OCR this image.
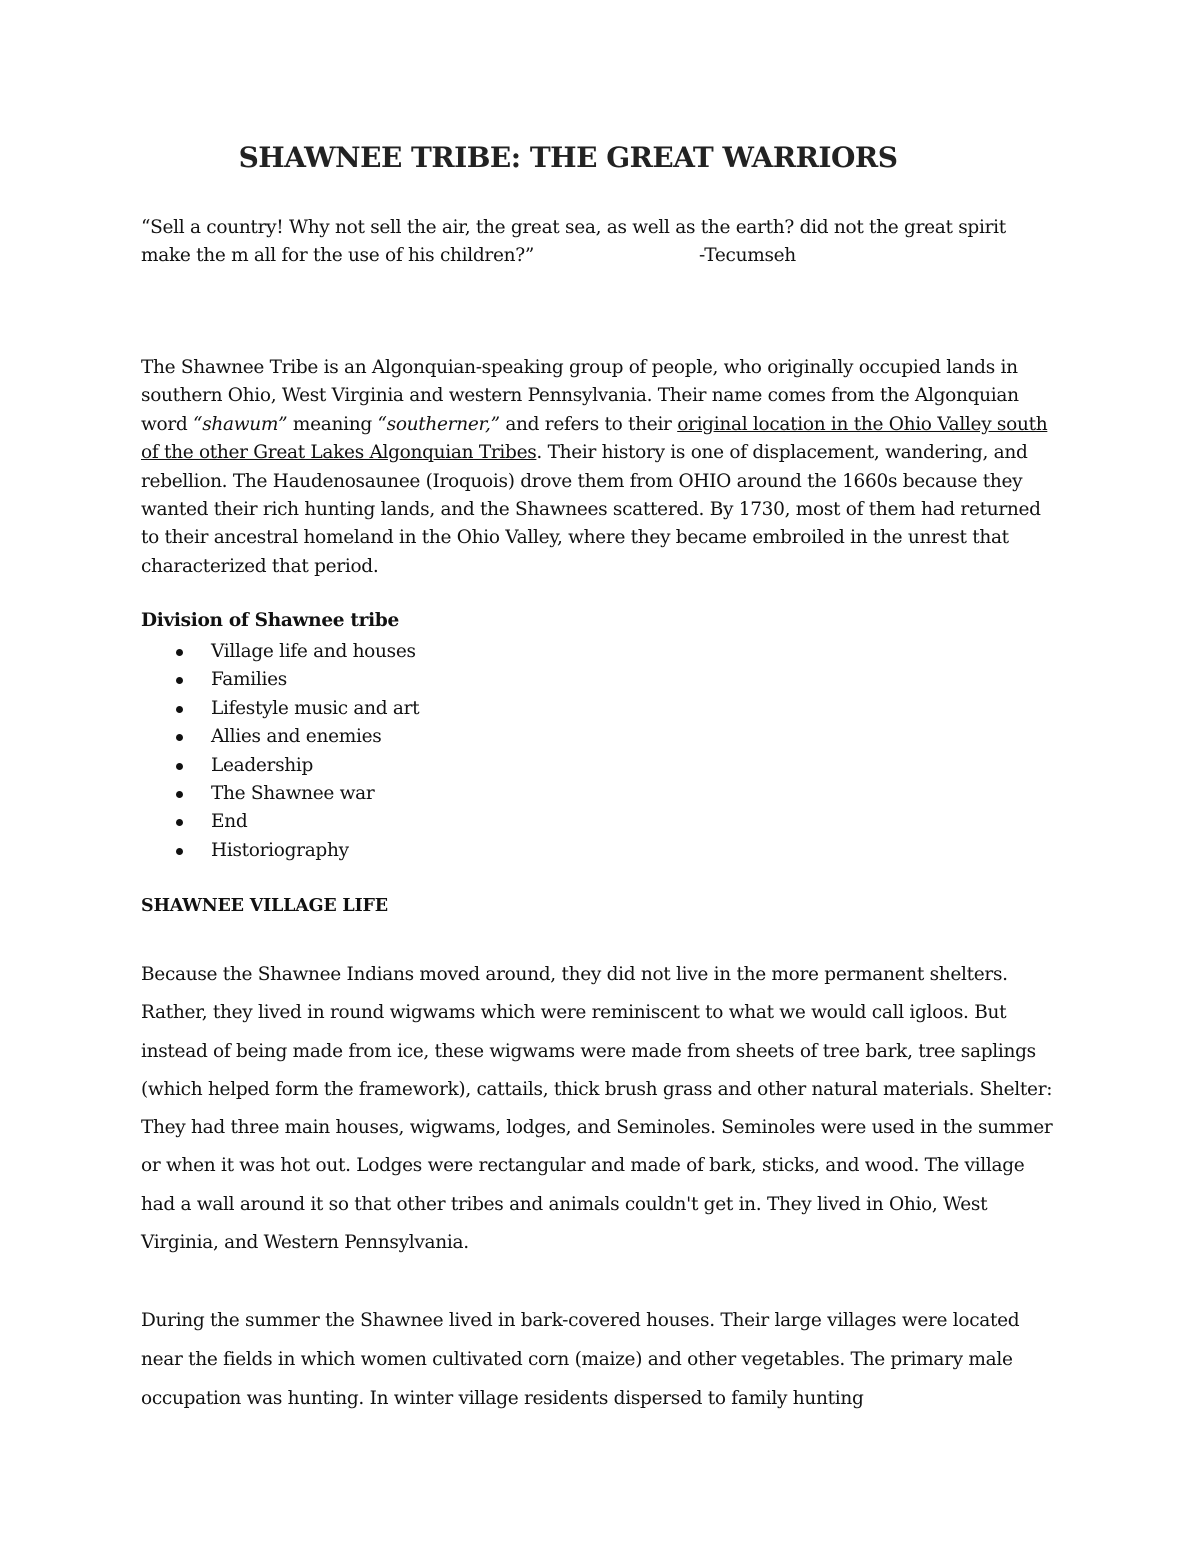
SHAWNEE TRIBE: THE GREAT WARRIORS
“Sell a country! Why not sell the air, the great sea, as well as the earth? did not the great spirit
make the m all for the use of his children?”	-Tecumseh
The Shawnee Tribe is an Algonquian-speaking group of people, who originally occupied lands in southern Ohio, West Virginia and western Pennsylvania. Their name comes from the Algonquian word “shawum” meaning “southerner,” and refers to their original location in the Ohio Valley south of the other Great Lakes Algonquian Tribes. Their history is one of displacement, wandering, and rebellion. The Haudenosaunee (Iroquois) drove them from OHIO around the 1660s because they wanted their rich hunting lands, and the Shawnees scattered. By 1730, most of them had returned to their ancestral homeland in the Ohio Valley, where they became embroiled in the unrest that characterized that period.
Division of Shawnee tribe
Village life and houses
Families
Lifestyle music and art
Allies and enemies
Leadership
The Shawnee war
End
Historiography
SHAWNEE VILLAGE LIFE
Because the Shawnee Indians moved around, they did not live in the more permanent shelters. Rather, they lived in round wigwams which were reminiscent to what we would call igloos. But instead of being made from ice, these wigwams were made from sheets of tree bark, tree saplings (which helped form the framework), cattails, thick brush grass and other natural materials. Shelter: They had three main houses, wigwams, lodges, and Seminoles. Seminoles were used in the summer or when it was hot out. Lodges were rectangular and made of bark, sticks, and wood. The village had a wall around it so that other tribes and animals couldn't get in. They lived in Ohio, West Virginia, and Western Pennsylvania.
During the summer the Shawnee lived in bark-covered houses. Their large villages were located near the fields in which women cultivated corn (maize) and other vegetables. The primary male occupation was hunting. In winter village residents dispersed to family hunting
